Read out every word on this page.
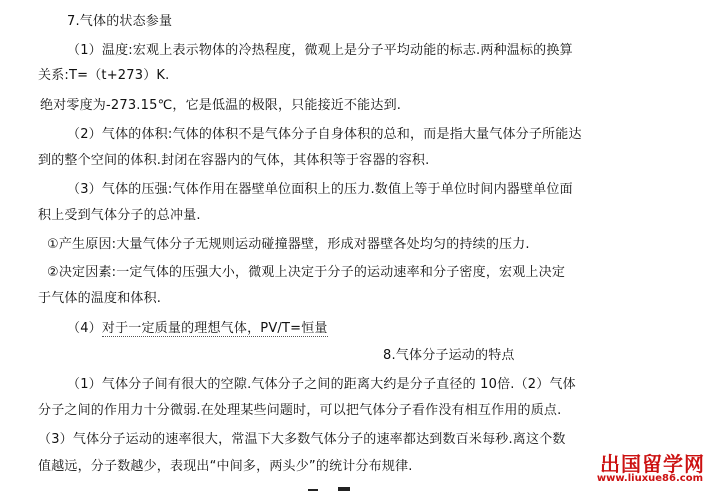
7.气体的状态参量
（1）温度:宏观上表示物体的冷热程度，微观上是分子平均动能的标志.两种温标的换算
关系:T=（t+273）K.
绝对零度为-273.15℃，它是低温的极限，只能接近不能达到.
（2）气体的体积:气体的体积不是气体分子自身体积的总和，而是指大量气体分子所能达
到的整个空间的体积.封闭在容器内的气体，其体积等于容器的容积.
（3）气体的压强:气体作用在器壁单位面积上的压力.数值上等于单位时间内器壁单位面
积上受到气体分子的总冲量.
①产生原因:大量气体分子无规则运动碰撞器壁，形成对器壁各处均匀的持续的压力.
②决定因素:一定气体的压强大小，微观上决定于分子的运动速率和分子密度，宏观上决定
于气体的温度和体积.
（4）对于一定质量的理想气体，PV/T=恒量
8.气体分子运动的特点
（1）气体分子间有很大的空隙.气体分子之间的距离大约是分子直径的 10倍.（2）气体
分子之间的作用力十分微弱.在处理某些问题时，可以把气体分子看作没有相互作用的质点.
（3）气体分子运动的速率很大，常温下大多数气体分子的速率都达到数百米每秒.离这个数
值越远，分子数越少，表现出“中间多，两头少”的统计分布规律.	出国留学网
www.liuxue86.com
